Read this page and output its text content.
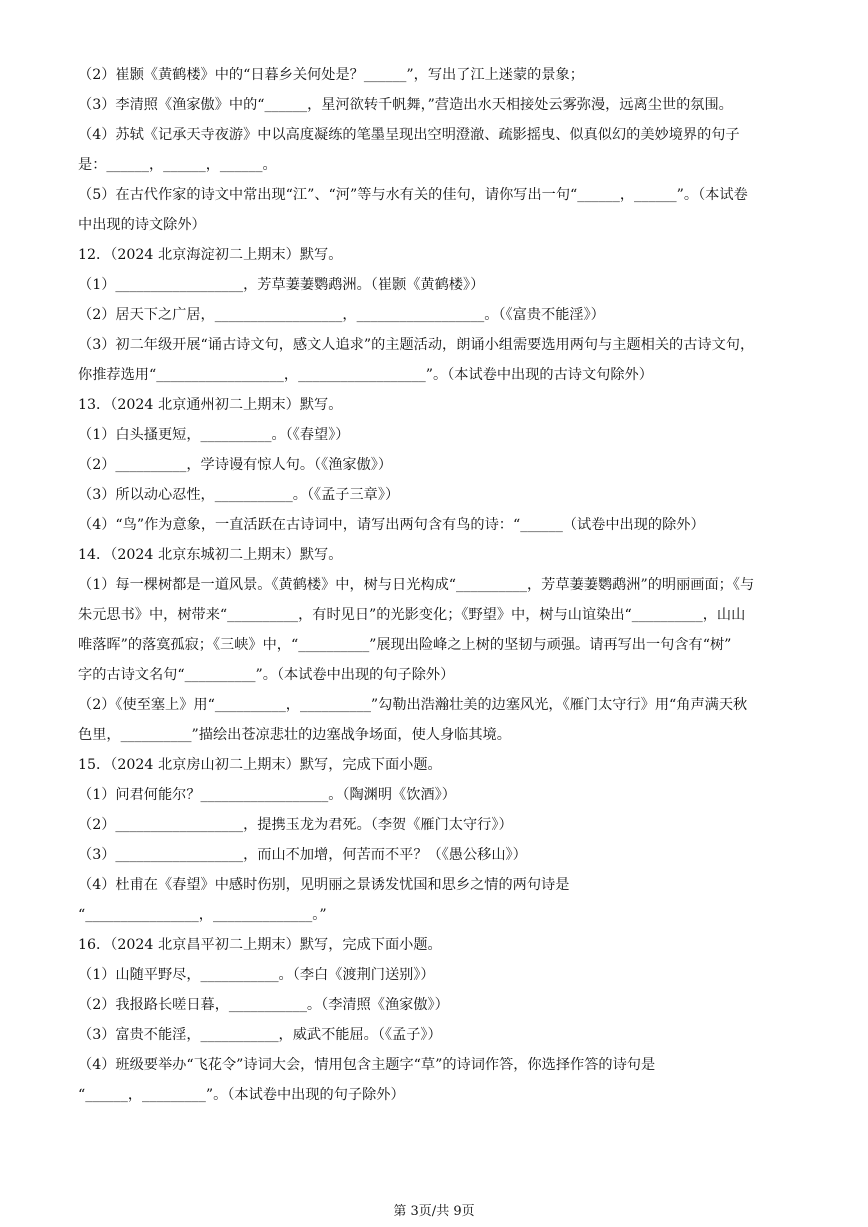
（2）崔颢《黄鹤楼》中的“日暮乡关何处是？______”，写出了江上迷蒙的景象；
（3）李清照《渔家傲》中的“______，星河欲转千帆舞，”营造出水天相接处云雾弥漫，远离尘世的氛围。
（4）苏轼《记承天寺夜游》中以高度凝练的笔墨呈现出空明澄澈、疏影摇曳、似真似幻的美妙境界的句子
是：______，______，______。
（5）在古代作家的诗文中常出现“江”、“河”等与水有关的佳句，请你写出一句“______，______”。（本试卷
中出现的诗文除外）
12．（2024 北京海淀初二上期末）默写。
（1）__________________，芳草萋萋鹦鹉洲。（崔颢《黄鹤楼》）
（2）居天下之广居，__________________，__________________。（《富贵不能淫》）
（3）初二年级开展“诵古诗文句，感文人追求”的主题活动，朗诵小组需要选用两句与主题相关的古诗文句，
你推荐选用“__________________，__________________”。（本试卷中出现的古诗文句除外）
13．（2024 北京通州初二上期末）默写。
（1）白头搔更短，__________。（《春望》）
（2）__________，学诗谩有惊人句。（《渔家傲》）
（3）所以动心忍性，___________。（《孟子三章》）
（4）“鸟”作为意象，一直活跃在古诗词中，请写出两句含有鸟的诗：“______（试卷中出现的除外）
14．（2024 北京东城初二上期末）默写。
（1）每一棵树都是一道风景。《黄鹤楼》中，树与日光构成“__________，芳草萋萋鹦鹉洲”的明丽画面；《与
朱元思书》中，树带来“__________，有时见日”的光影变化；《野望》中，树与山谊染出“__________，山山
唯落晖”的落寞孤寂；《三峡》中，“__________”展现出险峰之上树的坚韧与顽强。请再写出一句含有“树”
字的古诗文名句“__________”。（本试卷中出现的句子除外）
（2）《使至塞上》用“__________，__________”勾勒出浩瀚壮美的边塞风光，《雁门太守行》用“角声满天秋
色里，__________”描绘出苍凉悲壮的边塞战争场面，使人身临其境。
15．（2024 北京房山初二上期末）默写，完成下面小题。
（1）问君何能尔？__________________。（陶渊明《饮酒》）
（2）__________________，提携玉龙为君死。（李贺《雁门太守行》）
（3）__________________，而山不加增，何苦而不平？（《愚公移山》）
（4）杜甫在《春望》中感时伤别，见明丽之景诱发忧国和思乡之情的两句诗是
“________________，______________。”
16．（2024 北京昌平初二上期末）默写，完成下面小题。
（1）山随平野尽，___________。（李白《渡荆门送别》）
（2）我报路长嗟日暮，___________。（李清照《渔家傲》）
（3）富贵不能淫，___________，威武不能屈。（《孟子》）
（4）班级要举办“飞花令”诗词大会，情用包含主题字“草”的诗词作答，你选择作答的诗句是
“______，_________”。（本试卷中出现的句子除外）
第 3页/共 9页
